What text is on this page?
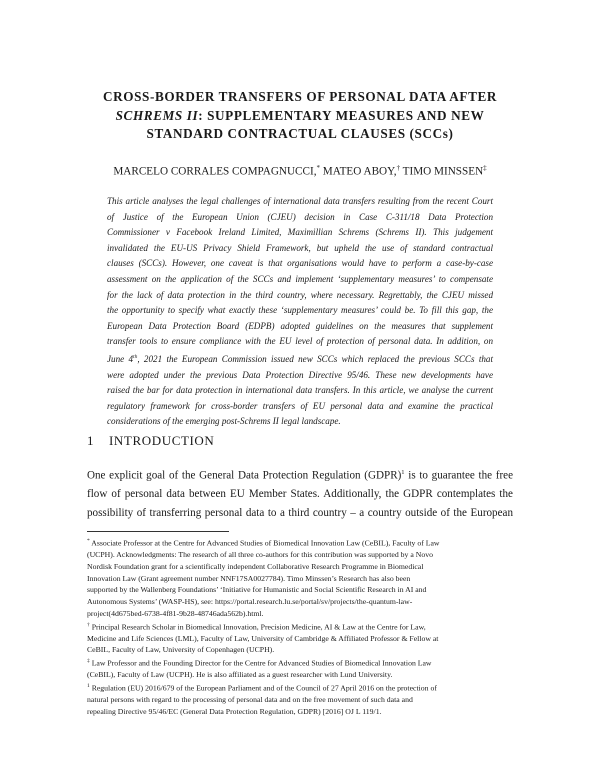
CROSS-BORDER TRANSFERS OF PERSONAL DATA AFTER
SCHREMS II: SUPPLEMENTARY MEASURES AND NEW
STANDARD CONTRACTUAL CLAUSES (SCCs)
MARCELO CORRALES COMPAGNUCCI,* MATEO ABOY,† TIMO MINSSEN‡

This article analyses the legal challenges of international data transfers resulting from the recent Court
of Justice of the European Union (CJEU) decision in Case C-311/18 Data Protection
Commissioner v Facebook Ireland Limited, Maximillian Schrems (Schrems II). This judgement
invalidated the EU-US Privacy Shield Framework, but upheld the use of standard contractual
clauses (SCCs). However, one caveat is that organisations would have to perform a case-by-case
assessment on the application of the SCCs and implement ‘supplementary measures’ to compensate
for the lack of data protection in the third country, where necessary. Regrettably, the CJEU missed
the opportunity to specify what exactly these ‘supplementary measures’ could be. To fill this gap, the
European Data Protection Board (EDPB) adopted guidelines on the measures that supplement
transfer tools to ensure compliance with the EU level of protection of personal data. In addition, on
June 4th, 2021 the European Commission issued new SCCs which replaced the previous SCCs that
were adopted under the previous Data Protection Directive 95/46. These new developments have
raised the bar for data protection in international data transfers. In this article, we analyse the current
regulatory framework for cross-border transfers of EU personal data and examine the practical
considerations of the emerging post-Schrems II legal landscape.

1 INTRODUCTION

One explicit goal of the General Data Protection Regulation (GDPR)$^1$ is to guarantee the free
flow of personal data between EU Member States. Additionally, the GDPR contemplates the
possibility of transferring personal data to a third country – a country outside of the European

* Associate Professor at the Centre for Advanced Studies of Biomedical Innovation Law (CeBIL), Faculty of Law
(UCPH). Acknowledgments: The research of all three co-authors for this contribution was supported by a Novo
Nordisk Foundation grant for a scientifically independent Collaborative Research Programme in Biomedical
Innovation Law (Grant agreement number NNF17SA0027784). Timo Minssen’s Research has also been
supported by the Wallenberg Foundations’ ‘Initiative for Humanistic and Social Scientific Research in AI and
Autonomous Systems’ (WASP-HS), see: https://portal.research.lu.se/portal/sv/projects/the-quantum-law-
project(4d675bed-6738-4f81-9b28-48746ada562b).html.
† Principal Research Scholar in Biomedical Innovation, Precision Medicine, AI & Law at the Centre for Law,
Medicine and Life Sciences (LML), Faculty of Law, University of Cambridge & Affiliated Professor & Fellow at
CeBIL, Faculty of Law, University of Copenhagen (UCPH).
‡ Law Professor and the Founding Director for the Centre for Advanced Studies of Biomedical Innovation Law
(CeBIL), Faculty of Law (UCPH). He is also affiliated as a guest researcher with Lund University.
$^1$ Regulation (EU) 2016/679 of the European Parliament and of the Council of 27 April 2016 on the protection of
natural persons with regard to the processing of personal data and on the free movement of such data and
repealing Directive 95/46/EC (General Data Protection Regulation, GDPR) [2016] OJ L 119/1.
